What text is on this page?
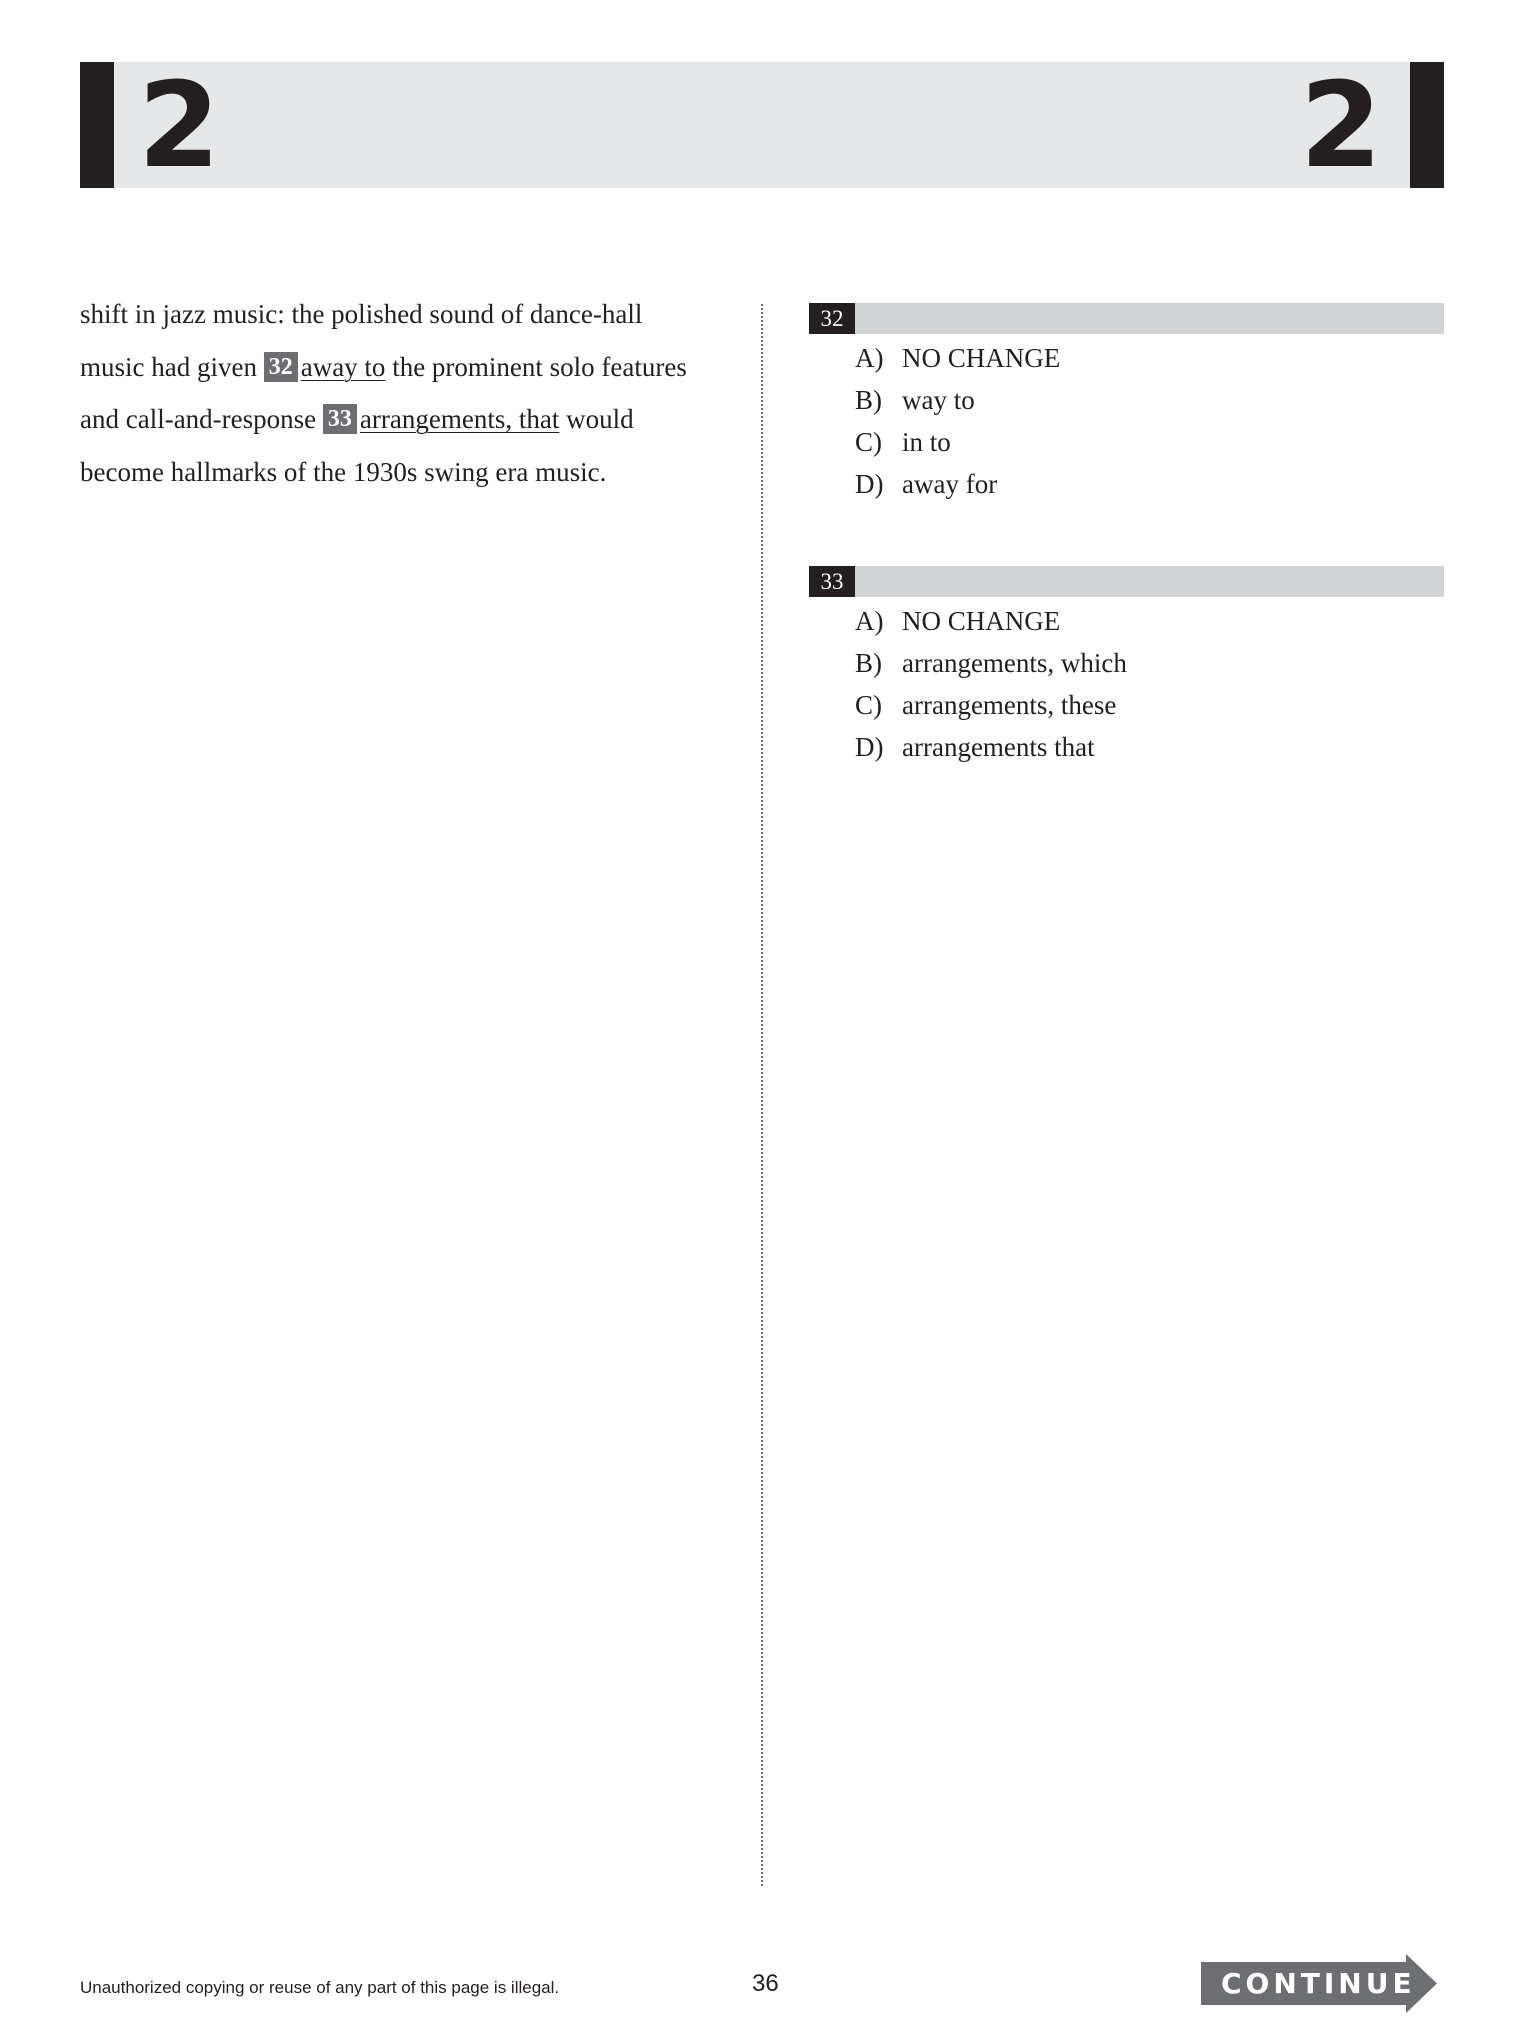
2	2
shift in jazz music: the polished sound of dance-hall
music had given 32 away to the prominent solo features
and call-and-response 33 arrangements, that would
become hallmarks of the 1930s swing era music.
32
A) NO CHANGE
B) way to
C) in to
D) away for
33
A) NO CHANGE
B) arrangements, which
C) arrangements, these
D) arrangements that
Unauthorized copying or reuse of any part of this page is illegal.	36	CONTINUE
